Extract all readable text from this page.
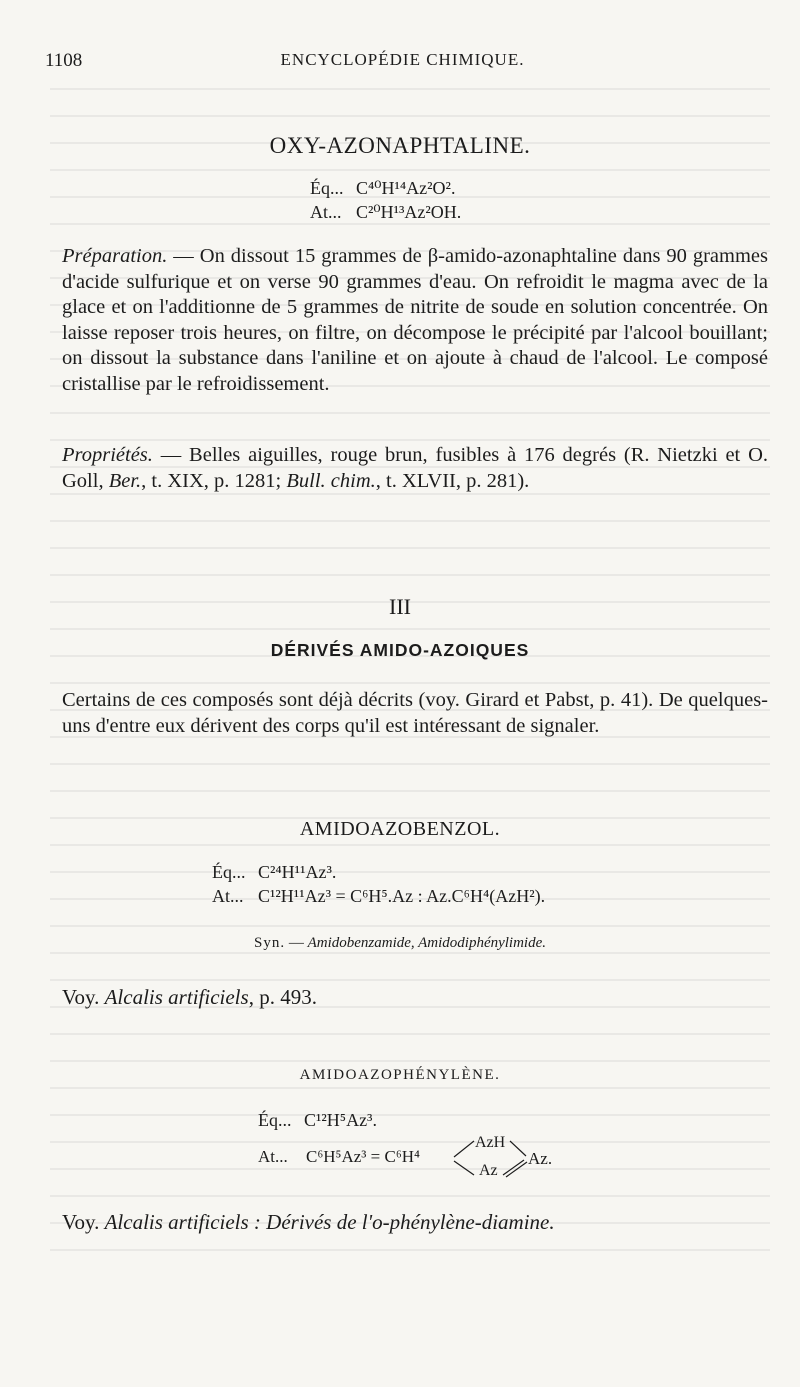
1108	ENCYCLOPÉDIE CHIMIQUE.
OXY-AZONAPHTALINE.
Éq... C⁴⁰H¹⁴Az²O².
At... C²⁰H¹³Az²OH.

Préparation. — On dissout 15 grammes de β-amido-azonaphtaline dans 90 grammes d'acide sulfurique et on verse 90 grammes d'eau. On refroidit le magma avec de la glace et on l'additionne de 5 grammes de nitrite de soude en solution concentrée. On laisse reposer trois heures, on filtre, on décompose le précipité par l'alcool bouillant; on dissout la substance dans l'aniline et on ajoute à chaud de l'alcool. Le composé cristallise par le refroidissement.

Propriétés. — Belles aiguilles, rouge brun, fusibles à 176 degrés (R. Nietzki et O. Goll, Ber., t. XIX, p. 1281; Bull. chim., t. XLVII, p. 281).

III
DÉRIVÉS AMIDO-AZOIQUES

Certains de ces composés sont déjà décrits (voy. Girard et Pabst, p. 41). De quelques-uns d'entre eux dérivent des corps qu'il est intéressant de signaler.

AMIDOAZOBENZOL.
Éq... C²⁴H¹¹Az³.
At... C¹²H¹¹Az³ = C⁶H⁵.Az : Az.C⁶H⁴(AzH²).
Syn. — Amidobenzamide, Amidodiphénylimide.
Voy. Alcalis artificiels, p. 493.
AMIDOAZOPHÉNYLÈNE.
Éq... C¹²H⁵Az³.
At... C⁶H⁵Az³ = C⁶H⁴
AzH
Az
Az.
Voy. Alcalis artificiels : Dérivés de l'o-phénylène-diamine.
